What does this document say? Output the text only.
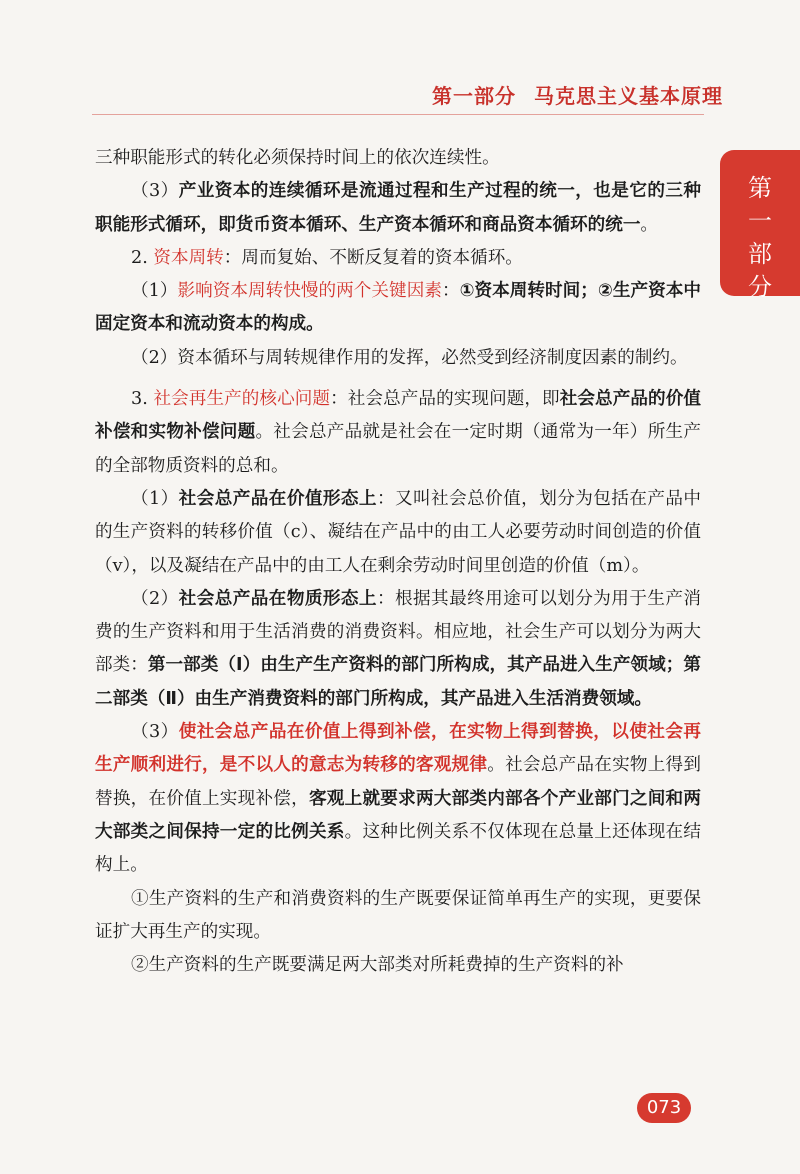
第一部分 马克思主义基本原理
第
一
部
分

三种职能形式的转化必须保持时间上的依次连续性。

（3）产业资本的连续循环是流通过程和生产过程的统一，也是它的三种职能形式循环，即货币资本循环、生产资本循环和商品资本循环的统一。

2. 资本周转：周而复始、不断反复着的资本循环。

（1）影响资本周转快慢的两个关键因素：①资本周转时间；②生产资本中固定资本和流动资本的构成。

（2）资本循环与周转规律作用的发挥，必然受到经济制度因素的制约。

3. 社会再生产的核心问题：社会总产品的实现问题，即社会总产品的价值补偿和实物补偿问题。社会总产品就是社会在一定时期（通常为一年）所生产的全部物质资料的总和。

（1）社会总产品在价值形态上：又叫社会总价值，划分为包括在产品中的生产资料的转移价值（c）、凝结在产品中的由工人必要劳动时间创造的价值（v），以及凝结在产品中的由工人在剩余劳动时间里创造的价值（m）。

（2）社会总产品在物质形态上：根据其最终用途可以划分为用于生产消费的生产资料和用于生活消费的消费资料。相应地，社会生产可以划分为两大部类：第一部类（Ⅰ）由生产生产资料的部门所构成，其产品进入生产领域；第二部类（Ⅱ）由生产消费资料的部门所构成，其产品进入生活消费领域。

（3）使社会总产品在价值上得到补偿，在实物上得到替换，以使社会再生产顺利进行，是不以人的意志为转移的客观规律。社会总产品在实物上得到替换，在价值上实现补偿，客观上就要求两大部类内部各个产业部门之间和两大部类之间保持一定的比例关系。这种比例关系不仅体现在总量上还体现在结构上。

①生产资料的生产和消费资料的生产既要保证简单再生产的实现，更要保证扩大再生产的实现。

②生产资料的生产既要满足两大部类对所耗费掉的生产资料的补

073
